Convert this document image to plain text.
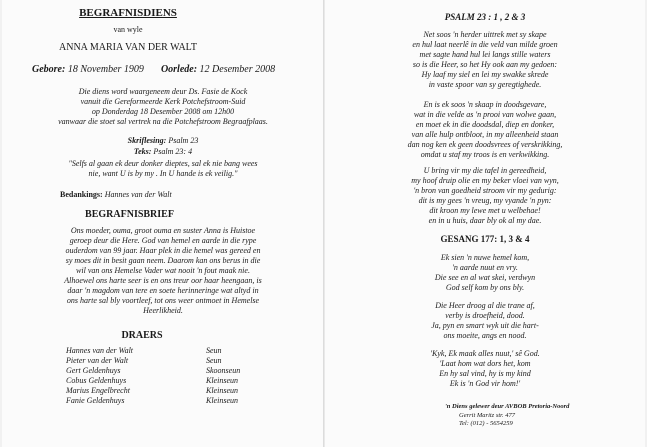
BEGRAFNISDIENS
van wyle
ANNA MARIA VAN DER WALT
Gebore: 18 November 1909 Oorlede: 12 Desember 2008
Die diens word waargeneem deur Ds. Fasie de Kock
vanuit die Gereformeerde Kerk Potchefstroom-Suid
op Donderdag 18 Desember 2008 om 12h00
vanwaar die stoet sal vertrek na die Potchefstroom Begraafplaas.
Skriflesing: Psalm 23
Teks: Psalm 23: 4
"Selfs al gaan ek deur donker dieptes, sal ek nie bang wees
nie, want U is by my . In U hande is ek veilig."
Bedankings: Hannes van der Walt
BEGRAFNISBRIEF
Ons moeder, ouma, groot ouma en suster Anna is Huistoe
geroep deur die Here. God van hemel en aarde in die rype
ouderdom van 99 jaar. Haar plek in die hemel was gereed en
sy moes dit in besit gaan neem. Daarom kan ons berus in die
wil van ons Hemelse Vader wat nooit 'n fout maak nie.
Alhoewel ons harte seer is en ons treur oor haar heengaan, is
daar 'n magdom van tere en soete herinneringe wat altyd in
ons harte sal bly voortleef, tot ons weer ontmoet in Hemelse
Heerlikheid.
DRAERS
Hannes van der Walt	Seun
Pieter van der Walt	Seun
Gert Geldenhuys	Skoonseun
Cobus Geldenhuys	Kleinseun
Marius Engelbrecht	Kleinseun
Fanie Geldenhuys	Kleinseun
PSALM 23 : 1 , 2 & 3
Net soos 'n herder uittrek met sy skape
en hul laat neerlê in die veld van milde groen
met sagte hand hul lei langs stille waters
so is die Heer, so het Hy ook aan my gedoen:
Hy laaf my siel en lei my swakke skrede
in vaste spoor van sy geregtighede.
En is ek soos 'n skaap in doodsgevare,
wat in die velde as 'n prooi van wolwe gaan,
en moet ek in die doodsdal, diep en donker,
van alle hulp ontbloot, in my alleenheid staan
dan nog ken ek geen doodsvrees of verskrikking,
omdat u staf my troos is en verkwikking.
U bring vir my die tafel in gereedheid,
my hoof druip olie en my beker vloei van wyn,
'n bron van goedheid stroom vir my gedurig:
dit is my gees 'n vreug, my vyande 'n pyn:
dit kroon my lewe met u welbehae!
en in u huis, daar bly ok al my dae.
GESANG 177: 1, 3 & 4
Ek sien 'n nuwe hemel kom,
'n aarde nuut en vry.
Die see en al wat skei, verdwyn
God self kom by ons bly.
Die Heer droog al die trane af,
verby is droefheid, dood.
Ja, pyn en smart wyk uit die hart-
ons moeite, angs en nood.
'Kyk, Ek maak alles nuut,' sê God.
'Laat hom wat dors het, kom
En hy sal vind, hy is my kind
Ek is 'n God vir hom!'
'n Diens gelewer deur AVBOB Pretoria-Noord
Gerrit Maritz str. 477
Tel: (012) - 5654259
